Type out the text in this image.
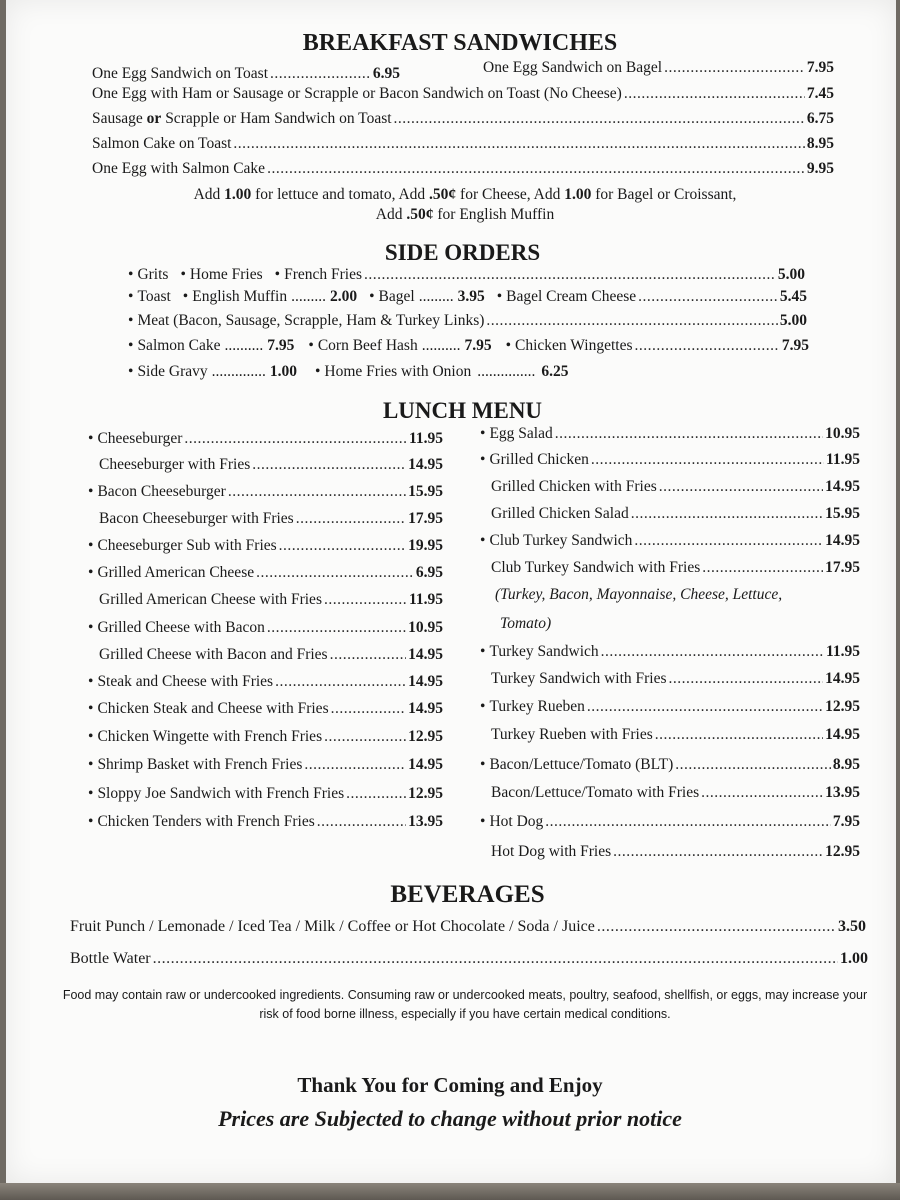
BREAKFAST SANDWICHES
One Egg Sandwich on Toast .....	6.95	One Egg Sandwich on Bagel .....	7.95
One Egg with Ham or Sausage or Scrapple or Bacon Sandwich on Toast (No Cheese) .....	7.45
Sausage or Scrapple or Ham Sandwich on Toast .....	6.75
Salmon Cake on Toast .....	8.95
One Egg with Salmon Cake .....	9.95
Add 1.00 for lettuce and tomato, Add .50¢ for Cheese, Add 1.00 for Bagel or Croissant,
Add .50¢ for English Muffin
SIDE ORDERS
• Grits • Home Fries • French Fries .....	5.00
• Toast • English Muffin ......... 2.00 • Bagel ......... 3.95 • Bagel Cream Cheese .....	5.45
• Meat (Bacon, Sausage, Scrapple, Ham & Turkey Links) .....	5.00
• Salmon Cake .......... 7.95 • Corn Beef Hash .......... 7.95 • Chicken Wingettes .....	7.95
• Side Gravy .............. 1.00 • Home Fries with Onion ............... 6.25
LUNCH MENU
(Turkey, Bacon, Mayonnaise, Cheese, Lettuce,
Tomato)
BEVERAGES
Fruit Punch / Lemonade / Iced Tea / Milk / Coffee or Hot Chocolate / Soda / Juice .....	3.50
Bottle Water .....	1.00
Food may contain raw or undercooked ingredients. Consuming raw or undercooked meats, poultry, seafood, shellfish, or eggs, may increase your risk of food borne illness, especially if you have certain medical conditions.
Thank You for Coming and Enjoy
Prices are Subjected to change without prior notice
• Cheeseburger .....	11.95
Cheeseburger with Fries .....	14.95
• Bacon Cheeseburger .....	15.95
Bacon Cheeseburger with Fries .....	17.95
• Cheeseburger Sub with Fries .....	19.95
• Grilled American Cheese .....	6.95
Grilled American Cheese with Fries .....	11.95
• Grilled Cheese with Bacon .....	10.95
Grilled Cheese with Bacon and Fries .....	14.95
• Steak and Cheese with Fries .....	14.95
• Chicken Steak and Cheese with Fries .....	14.95
• Chicken Wingette with French Fries .....	12.95
• Shrimp Basket with French Fries .....	14.95
• Sloppy Joe Sandwich with French Fries .....	12.95
• Chicken Tenders with French Fries .....	13.95
• Egg Salad .....	10.95
• Grilled Chicken .....	11.95
Grilled Chicken with Fries .....	14.95
Grilled Chicken Salad .....	15.95
• Club Turkey Sandwich .....	14.95
Club Turkey Sandwich with Fries .....	17.95
• Turkey Sandwich .....	11.95
Turkey Sandwich with Fries .....	14.95
• Turkey Rueben .....	12.95
Turkey Rueben with Fries .....	14.95
• Bacon/Lettuce/Tomato (BLT) .....	8.95
Bacon/Lettuce/Tomato with Fries .....	13.95
• Hot Dog .....	7.95
Hot Dog with Fries .....	12.95
